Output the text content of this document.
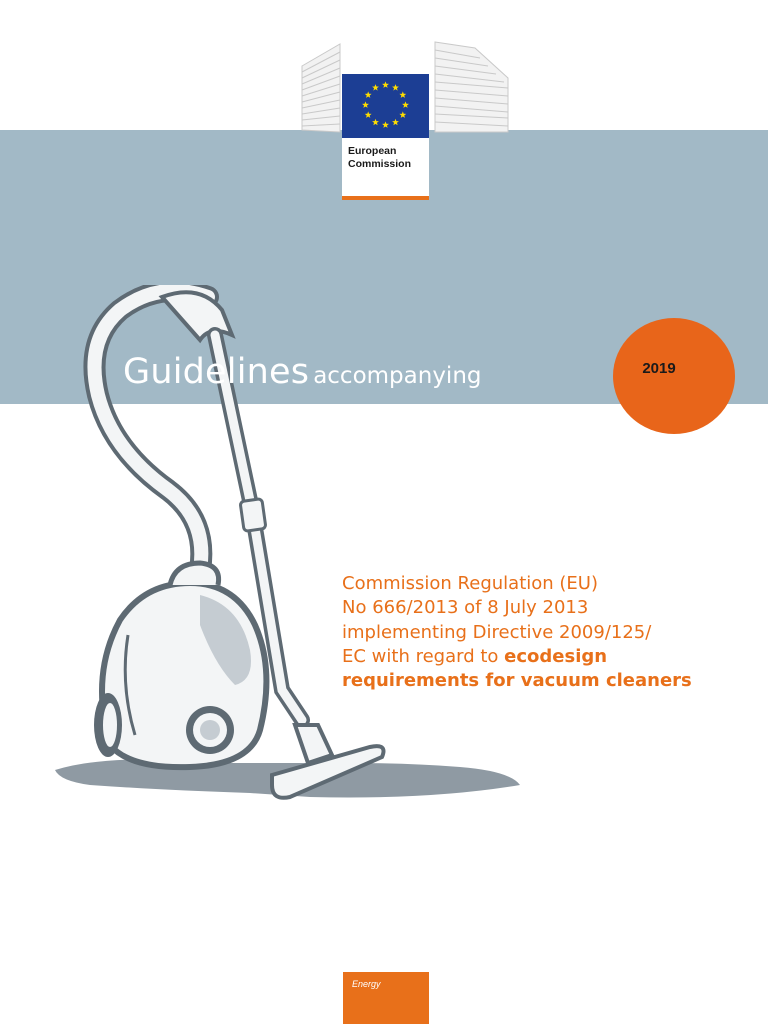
European
Commission
Guidelines accompanying	2019
Commission Regulation (EU)
No 666/2013 of 8 July 2013
implementing Directive 2009/125/
EC with regard to ecodesign
requirements for vacuum cleaners
Energy
